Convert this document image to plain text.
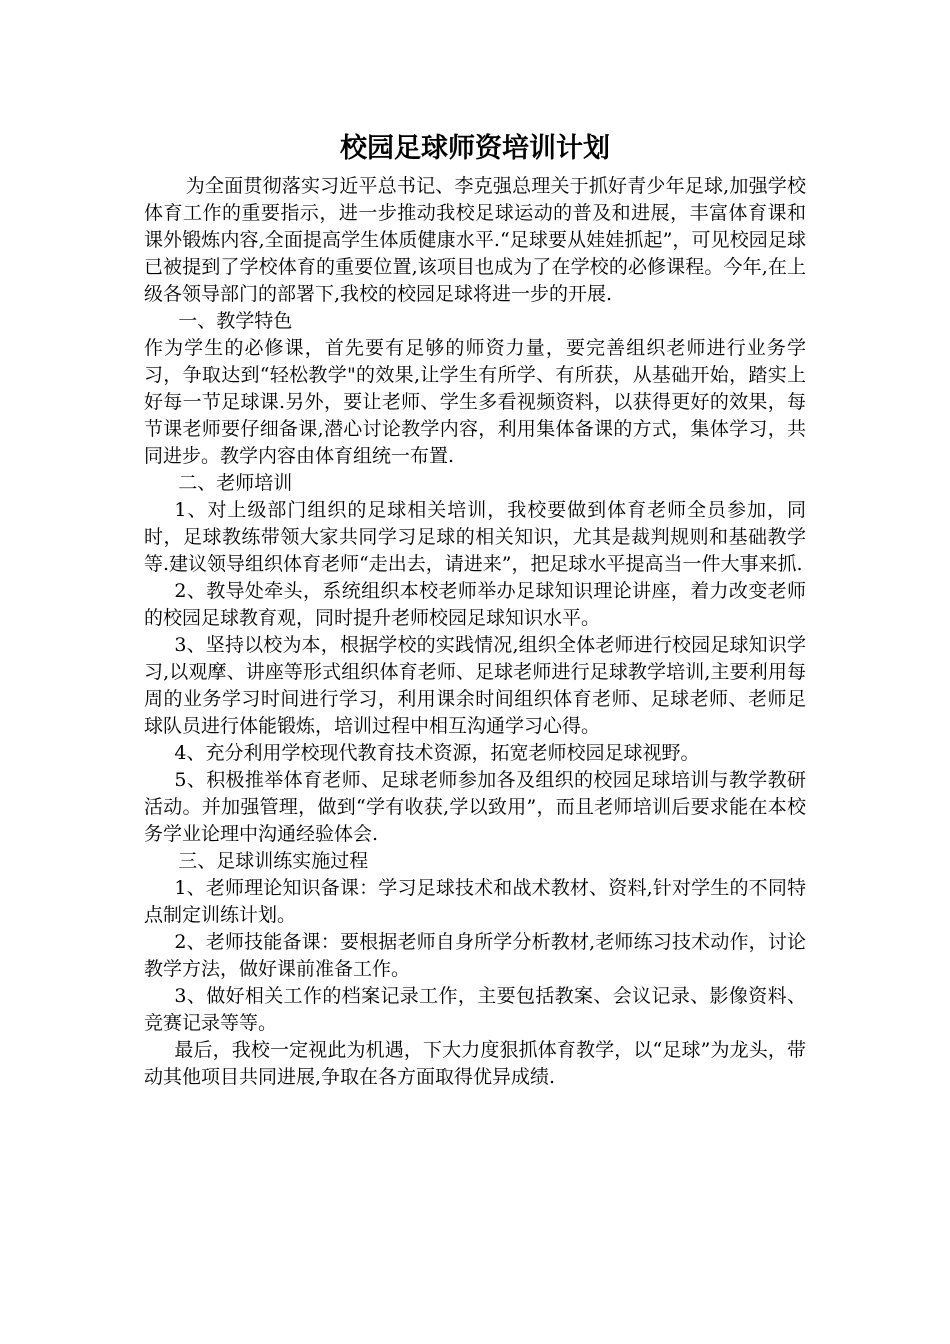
校园足球师资培训计划

为全面贯彻落实习近平总书记、李克强总理关于抓好青少年足球,加强学校体育工作的重要指示，进一步推动我校足球运动的普及和进展，丰富体育课和课外锻炼内容,全面提高学生体质健康水平.“足球要从娃娃抓起”，可见校园足球已被提到了学校体育的重要位置,该项目也成为了在学校的必修课程。今年,在上级各领导部门的部署下,我校的校园足球将进一步的开展.

一、教学特色

作为学生的必修课，首先要有足够的师资力量，要完善组织老师进行业务学习，争取达到“轻松教学"的效果,让学生有所学、有所获，从基础开始，踏实上好每一节足球课.另外，要让老师、学生多看视频资料，以获得更好的效果，每节课老师要仔细备课,潜心讨论教学内容，利用集体备课的方式，集体学习，共同进步。教学内容由体育组统一布置.

二、老师培训

1、对上级部门组织的足球相关培训，我校要做到体育老师全员参加，同时，足球教练带领大家共同学习足球的相关知识，尤其是裁判规则和基础教学等.建议领导组织体育老师“走出去，请进来”，把足球水平提高当一件大事来抓.

2、教导处牵头，系统组织本校老师举办足球知识理论讲座，着力改变老师的校园足球教育观，同时提升老师校园足球知识水平。

3、坚持以校为本，根据学校的实践情况,组织全体老师进行校园足球知识学习,以观摩、讲座等形式组织体育老师、足球老师进行足球教学培训,主要利用每周的业务学习时间进行学习，利用课余时间组织体育老师、足球老师、老师足球队员进行体能锻炼，培训过程中相互沟通学习心得。

4、充分利用学校现代教育技术资源，拓宽老师校园足球视野。

5、积极推举体育老师、足球老师参加各及组织的校园足球培训与教学教研活动。并加强管理，做到“学有收获,学以致用”，而且老师培训后要求能在本校务学业论理中沟通经验体会.

三、足球训练实施过程

1、老师理论知识备课：学习足球技术和战术教材、资料,针对学生的不同特点制定训练计划。

2、老师技能备课：要根据老师自身所学分析教材,老师练习技术动作，讨论教学方法，做好课前准备工作。

3、做好相关工作的档案记录工作，主要包括教案、会议记录、影像资料、竞赛记录等等。

最后，我校一定视此为机遇，下大力度狠抓体育教学，以“足球”为龙头，带动其他项目共同进展,争取在各方面取得优异成绩.
